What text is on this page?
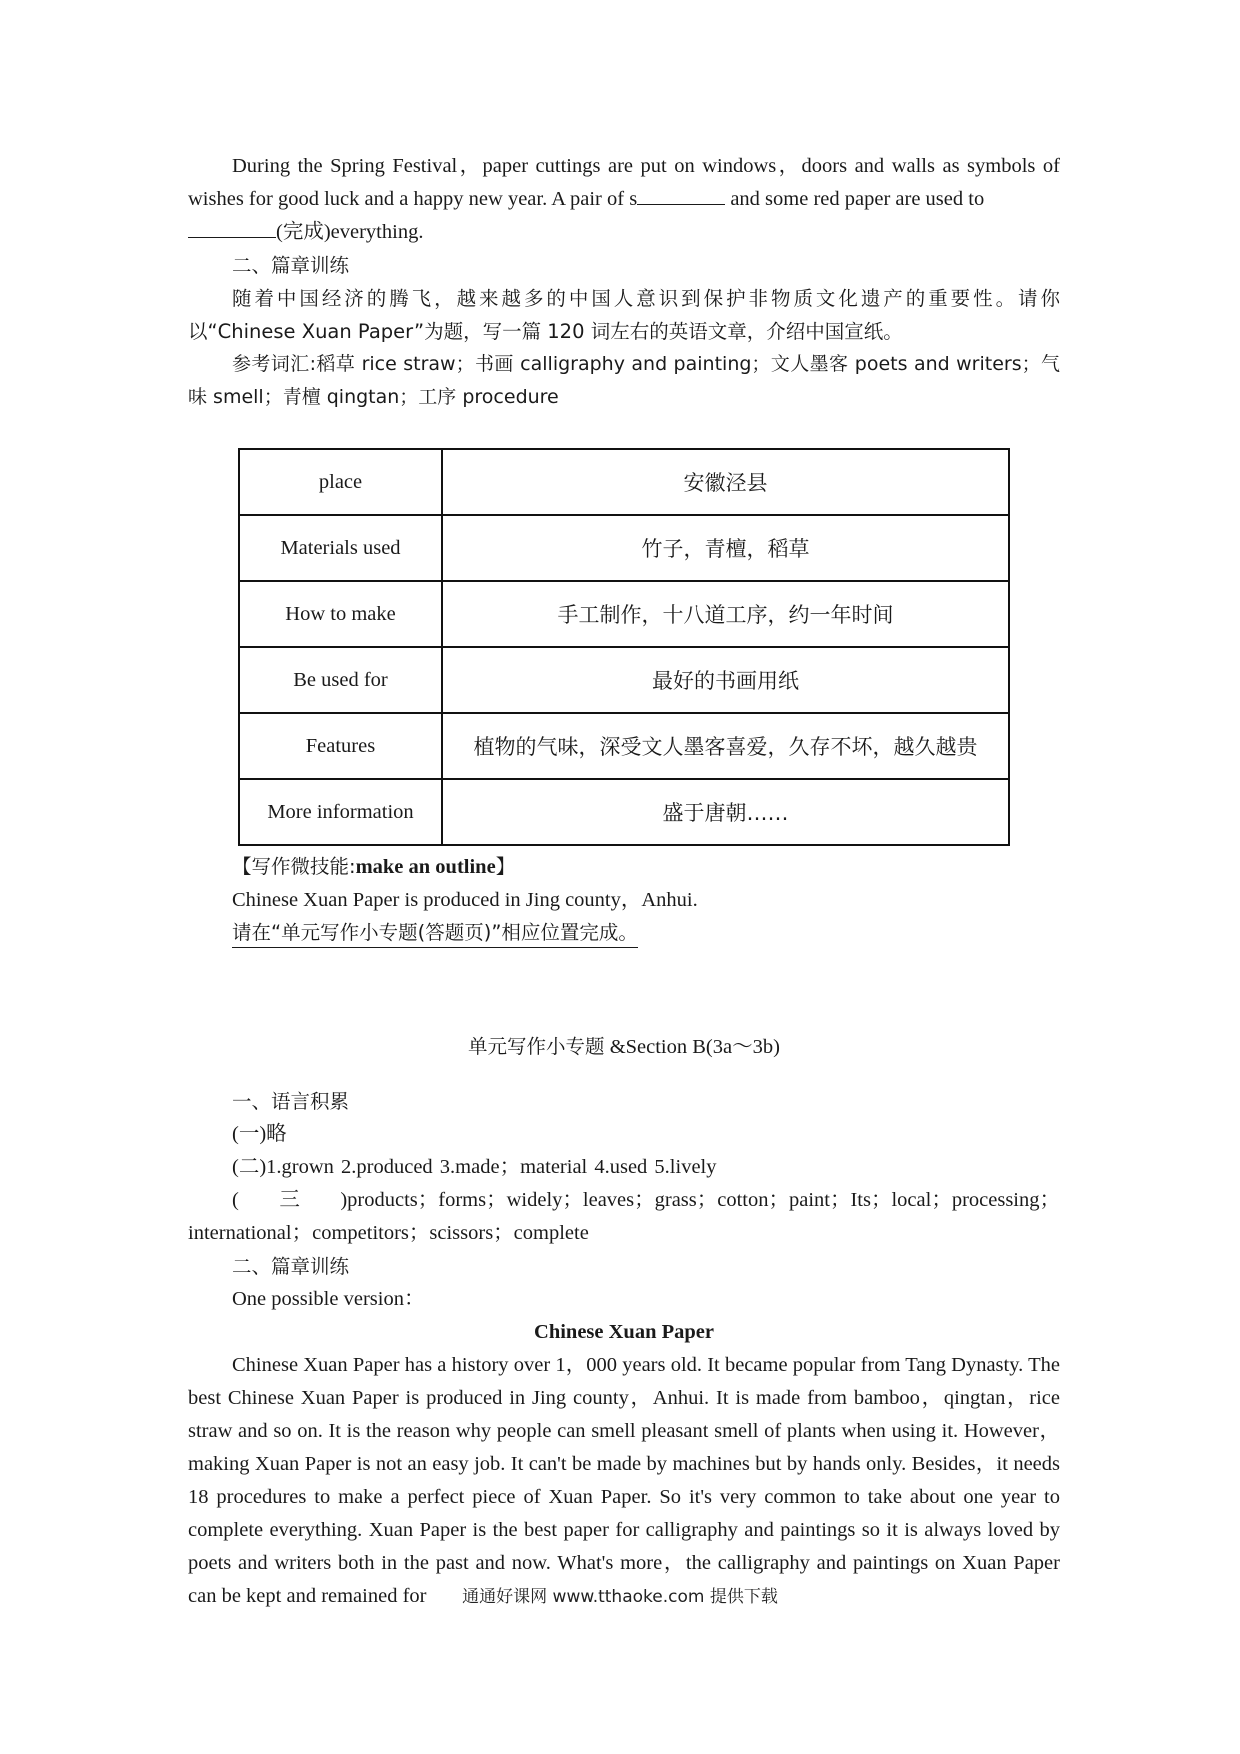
During the Spring Festival，paper cuttings are put on windows，doors and walls as symbols of wishes for good luck and a happy new year. A pair of s	and some red paper are used to
(完成)everything.

二、篇章训练

随着中国经济的腾飞，越来越多的中国人意识到保护非物质文化遗产的重要性。请你以“Chinese Xuan Paper”为题，写一篇 120 词左右的英语文章，介绍中国宣纸。

参考词汇:稻草 rice straw；书画 calligraphy and painting；文人墨客 poets and writers；气味 smell；青檀 qingtan；工序 procedure

place	安徽泾县
Materials used	竹子，青檀，稻草
How to make	手工制作，十八道工序，约一年时间
Be used for	最好的书画用纸
Features	植物的气味，深受文人墨客喜爱，久存不坏，越久越贵
More information	盛于唐朝……

【写作微技能:make an outline】

Chinese Xuan Paper is produced in Jing county，Anhui.

请在“单元写作小专题(答题页)”相应位置完成。

单元写作小专题 &Section B(3a～3b)

一、语言积累

(一)略

(二)1.grown 2.produced 3.made；material 4.used 5.lively

(三)products；forms；widely；leaves；grass；cotton；paint；Its；local；processing；international；competitors；scissors；complete

二、篇章训练

One possible version：

Chinese Xuan Paper

Chinese Xuan Paper has a history over 1，000 years old. It became popular from Tang Dynasty. The best Chinese Xuan Paper is produced in Jing county，Anhui. It is made from bamboo，qingtan，rice straw and so on. It is the reason why people can smell pleasant smell of plants when using it. However，making Xuan Paper is not an easy job. It can't be made by machines but by hands only. Besides，it needs 18 procedures to make a perfect piece of Xuan Paper. So it's very common to take about one year to complete everything. Xuan Paper is the best paper for calligraphy and paintings so it is always loved by poets and writers both in the past and now. What's more，the calligraphy and paintings on Xuan Paper can be kept and remained for	通通好课网 www.tthaoke.com 提供下载
